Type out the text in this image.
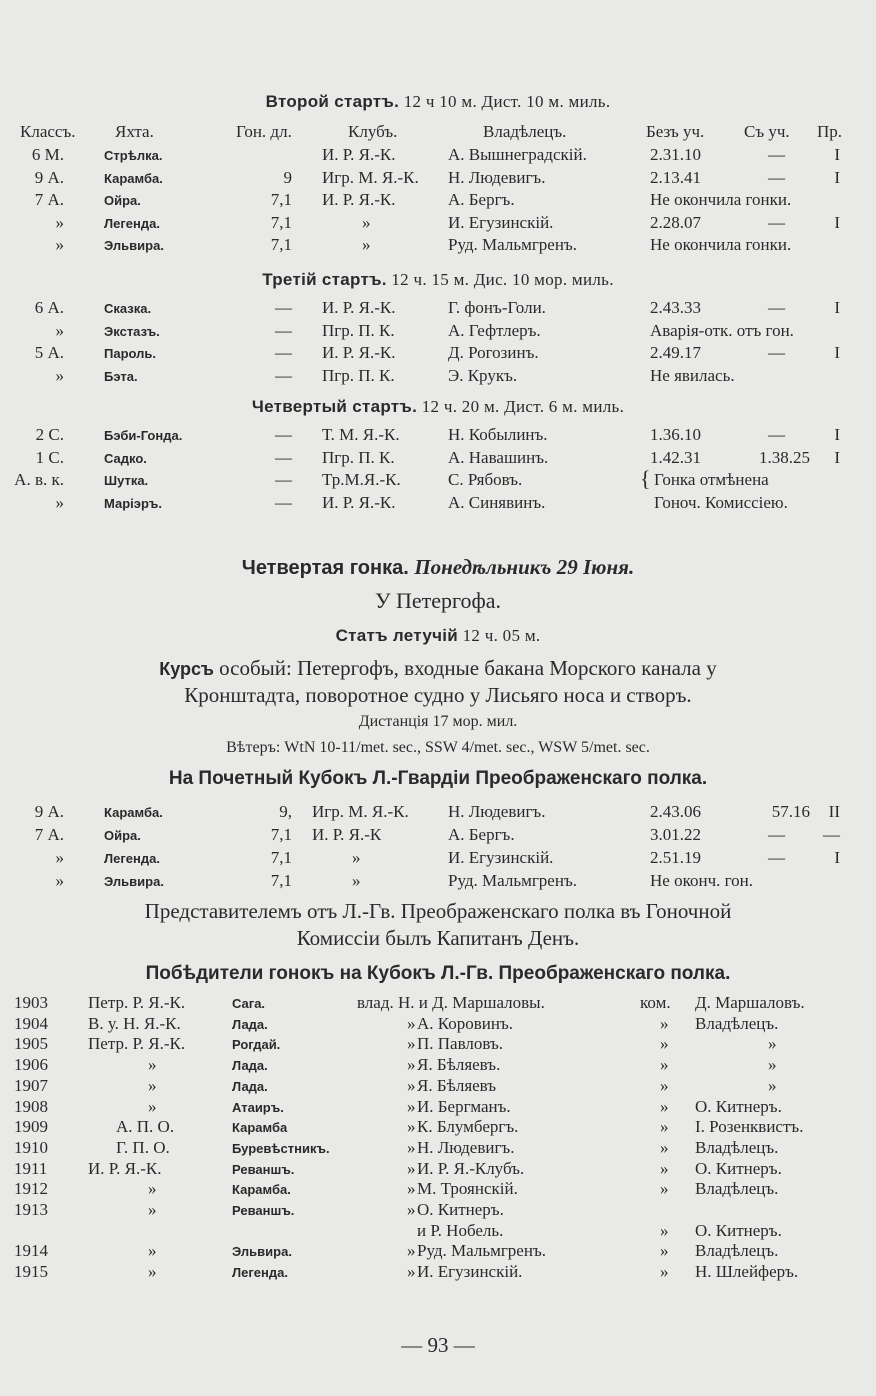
Второй стартъ. 12 ч 10 м. Дист. 10 м. миль.
Классъ. Яхта.	Гон. дл.	Клубъ.	Владѣлецъ.	Безъ уч. Съ уч. Пр.
6 М.	Стрѣлка.	И. Р. Я.-К.	А. Вышнеградскій.	2.31.10	—	I
9 А.	Карамба.	9 Игр. М. Я.-К. Н. Людевигъ.	2.13.41	—	I
7 А.	Ойра.	7,1 И. Р. Я.-К.	А. Бергъ.	Не окончила гонки.
»	Легенда.	7,1	»	И. Егузинскій.	2.28.07	—	I
»	Эльвира.	7,1	»	Руд. Мальмгренъ.	Не окончила гонки.
Третій стартъ. 12 ч. 15 м. Дис. 10 мор. миль.
6 А.	Сказка.	— И. Р. Я.-К.	Г. фонъ-Голи.	2.43.33	—	I
»	Экстазъ.	— Пгр. П. К.	А. Гефтлеръ.	Аварія-отк. отъ гон.
5 А.	Пароль.	— И. Р. Я.-К.	Д. Рогозинъ.	2.49.17	—	I
»	Бэта.	— Пгр. П. К.	Э. Крукъ.	Не явилась.
Четвертый стартъ. 12 ч. 20 м. Дист. 6 м. миль.
2 С.	Бэби-Гонда.	— Т. М. Я.-К.	Н. Кобылинъ.	1.36.10	—	I
1 С.	Садко.	— Пгр. П. К.	А. Навашинъ.	1.42.31	1.38.25 I
А. в. к.	Шутка.	— Тр.М.Я.-К.	С. Рябовъ.	Гонка отмѣнена
»	Маріэръ.	— И. Р. Я.-К.	А. Синявинъ.	Гоноч. Комиссіею.
{
Четвертая гонка. Понедѣльникъ 29 Іюня.
У Петергофа.
Статъ летучій 12 ч. 05 м.
Курсъ особый: Петергофъ, входные бакана Морского канала у
Кронштадта, поворотное судно у Лисьяго носа и створъ.
Дистанція 17 мор. мил.
Вѣтеръ: WtN 10-11/met. sec., SSW 4/met. sec., WSW 5/met. sec.
На Почетный Кубокъ Л.-Гвардіи Преображенскаго полка.
9 А.	Карамба.	9, Игр. М. Я.-К. Н. Людевигъ.	2.43.06	57.16 II
7 А.	Ойра.	7,1 И. Р. Я.-К	А. Бергъ.	3.01.22	— —
»	Легенда.	7,1	»	И. Егузинскій.	2.51.19	—	I
»	Эльвира.	7,1	»	Руд. Мальмгренъ.	Не оконч. гон.
Представителемъ отъ Л.-Гв. Преображенскаго полка въ Гоночной
Комиссіи былъ Капитанъ Денъ.
Побѣдители гонокъ на Кубокъ Л.-Гв. Преображенскаго полка.
1903 Петр. Р. Я.-К.	Сага.	влад. Н. и Д. Маршаловы.	ком. Д. Маршаловъ.
1904 В. у. Н. Я.-К.	Лада.	» А. Коровинъ.	» Владѣлецъ.
1905 Петр. Р. Я.-К.	Рогдай.	» П. Павловъ.	»	»
1906	»	Лада.	» Я. Бѣляевъ.	»	»
1907	»	Лада.	» Я. Бѣляевъ	»	»
1908	»	Атаиръ.	» И. Бергманъ.	» О. Китнеръ.
1909	А. П. О.	Карамба	» К. Блумбергъ.	» І. Розенквистъ.
1910	Г. П. О.	Буревѣстникъ.	» Н. Людевигъ.	» Владѣлецъ.
1911 И. Р. Я.-К.	Реваншъ.	» И. Р. Я.-Клубъ.	» О. Китнеръ.
1912	»	Карамба.	» М. Троянскій.	» Владѣлецъ.
1913	»	Реваншъ.	» О. Китнеръ.
и Р. Нобель.	» О. Китнеръ.
1914	»	Эльвира.	» Руд. Мальмгренъ.	» Владѣлецъ.
1915	»	Легенда.	» И. Егузинскій.	» Н. Шлейферъ.
— 93 —
